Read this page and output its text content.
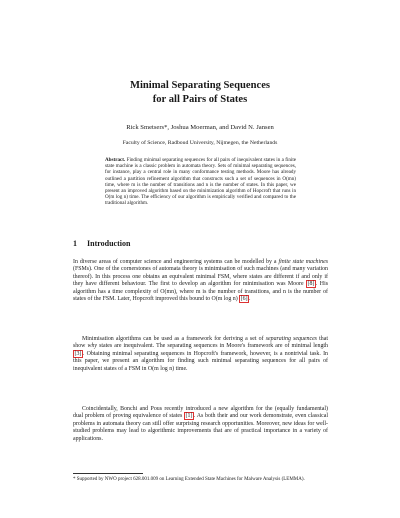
Minimal Separating Sequences
for all Pairs of States
Rick Smetsers*, Joshua Moerman, and David N. Jansen
Faculty of Science, Radboud University, Nijmegen, the Netherlands
Abstract. Finding minimal separating sequences for all pairs of inequivalent states in a finite state machine is a classic problem in automata theory. Sets of minimal separating sequences, for instance, play a central role in many conformance testing methods. Moore has already outlined a partition refinement algorithm that constructs such a set of sequences in O(mn) time, where m is the number of transitions and n is the number of states. In this paper, we present an improved algorithm based on the minimization algorithm of Hopcroft that runs in O(m log n) time. The efficiency of our algorithm is empirically verified and compared to the traditional algorithm.
1 Introduction
In diverse areas of computer science and engineering systems can be modelled by a finite state machines (FSMs). One of the cornerstones of automata theory is minimisation of such machines (and many variation thereof). In this process one obtains an equivalent minimal FSM, where states are different if and only if they have different behaviour. The first to develop an algorithm for minimisation was Moore [8] . His algorithm has a time complexity of O(mn), where m is the number of transitions, and n is the number of states of the FSM. Later, Hopcroft improved this bound to O(m log n) [6] .
Minimisation algorithms can be used as a framework for deriving a set of separating sequences that show why states are inequivalent. The separating sequences in Moore's framework are of minimal length [3] . Obtaining minimal separating sequences in Hopcroft's framework, however, is a nontrivial task. In this paper, we present an algorithm for finding such minimal separating sequences for all pairs of inequivalent states of a FSM in O(m log n) time.
Coincidentally, Bonchi and Pous recently introduced a new algorithm for the (equally fundamental) dual problem of proving equivalence of states [1] . As both their and our work demonstrate, even classical problems in automata theory can still offer surprising research opportunities. Moreover, new ideas for well-studied problems may lead to algorithmic improvements that are of practical importance in a variety of applications.
* Supported by NWO project 628.001.009 on Learning Extended State Machines for Malware Analysis (LEMMA).
